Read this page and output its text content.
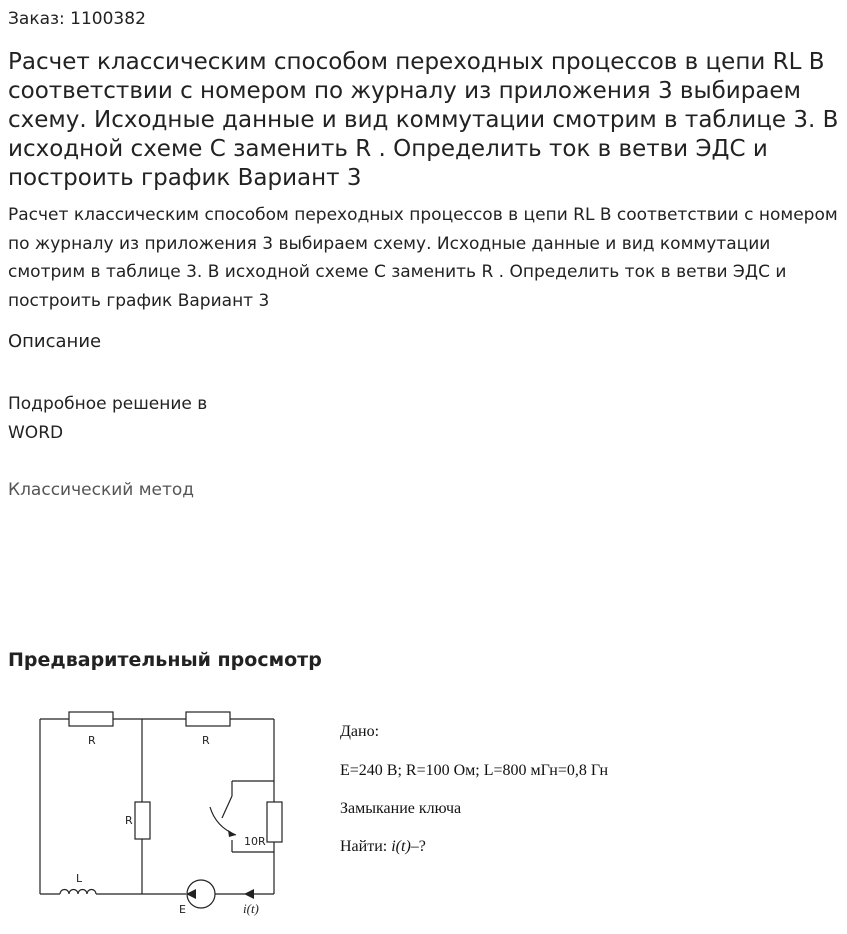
Заказ: 1100382
Расчет классическим способом переходных процессов в цепи RL В соответствии с номером по журналу из приложения 3 выбираем схему. Исходные данные и вид коммутации смотрим в таблице 3. В исходной схеме С заменить R . Определить ток в ветви ЭДС и построить график Вариант 3

Расчет классическим способом переходных процессов в цепи RL В соответствии с номером по журналу из приложения 3 выбираем схему. Исходные данные и вид коммутации смотрим в таблице 3. В исходной схеме С заменить R . Определить ток в ветви ЭДС и построить график Вариант 3

Описание
Подробное решение в
WORD
Классический метод
Предварительный просмотр
R	R
R
10R
L
E	i(t)
Дано:
E=240 В; R=100 Ом; L=800 мГн=0,8 Гн
Замыкание ключа
Найти: i(t)–?
